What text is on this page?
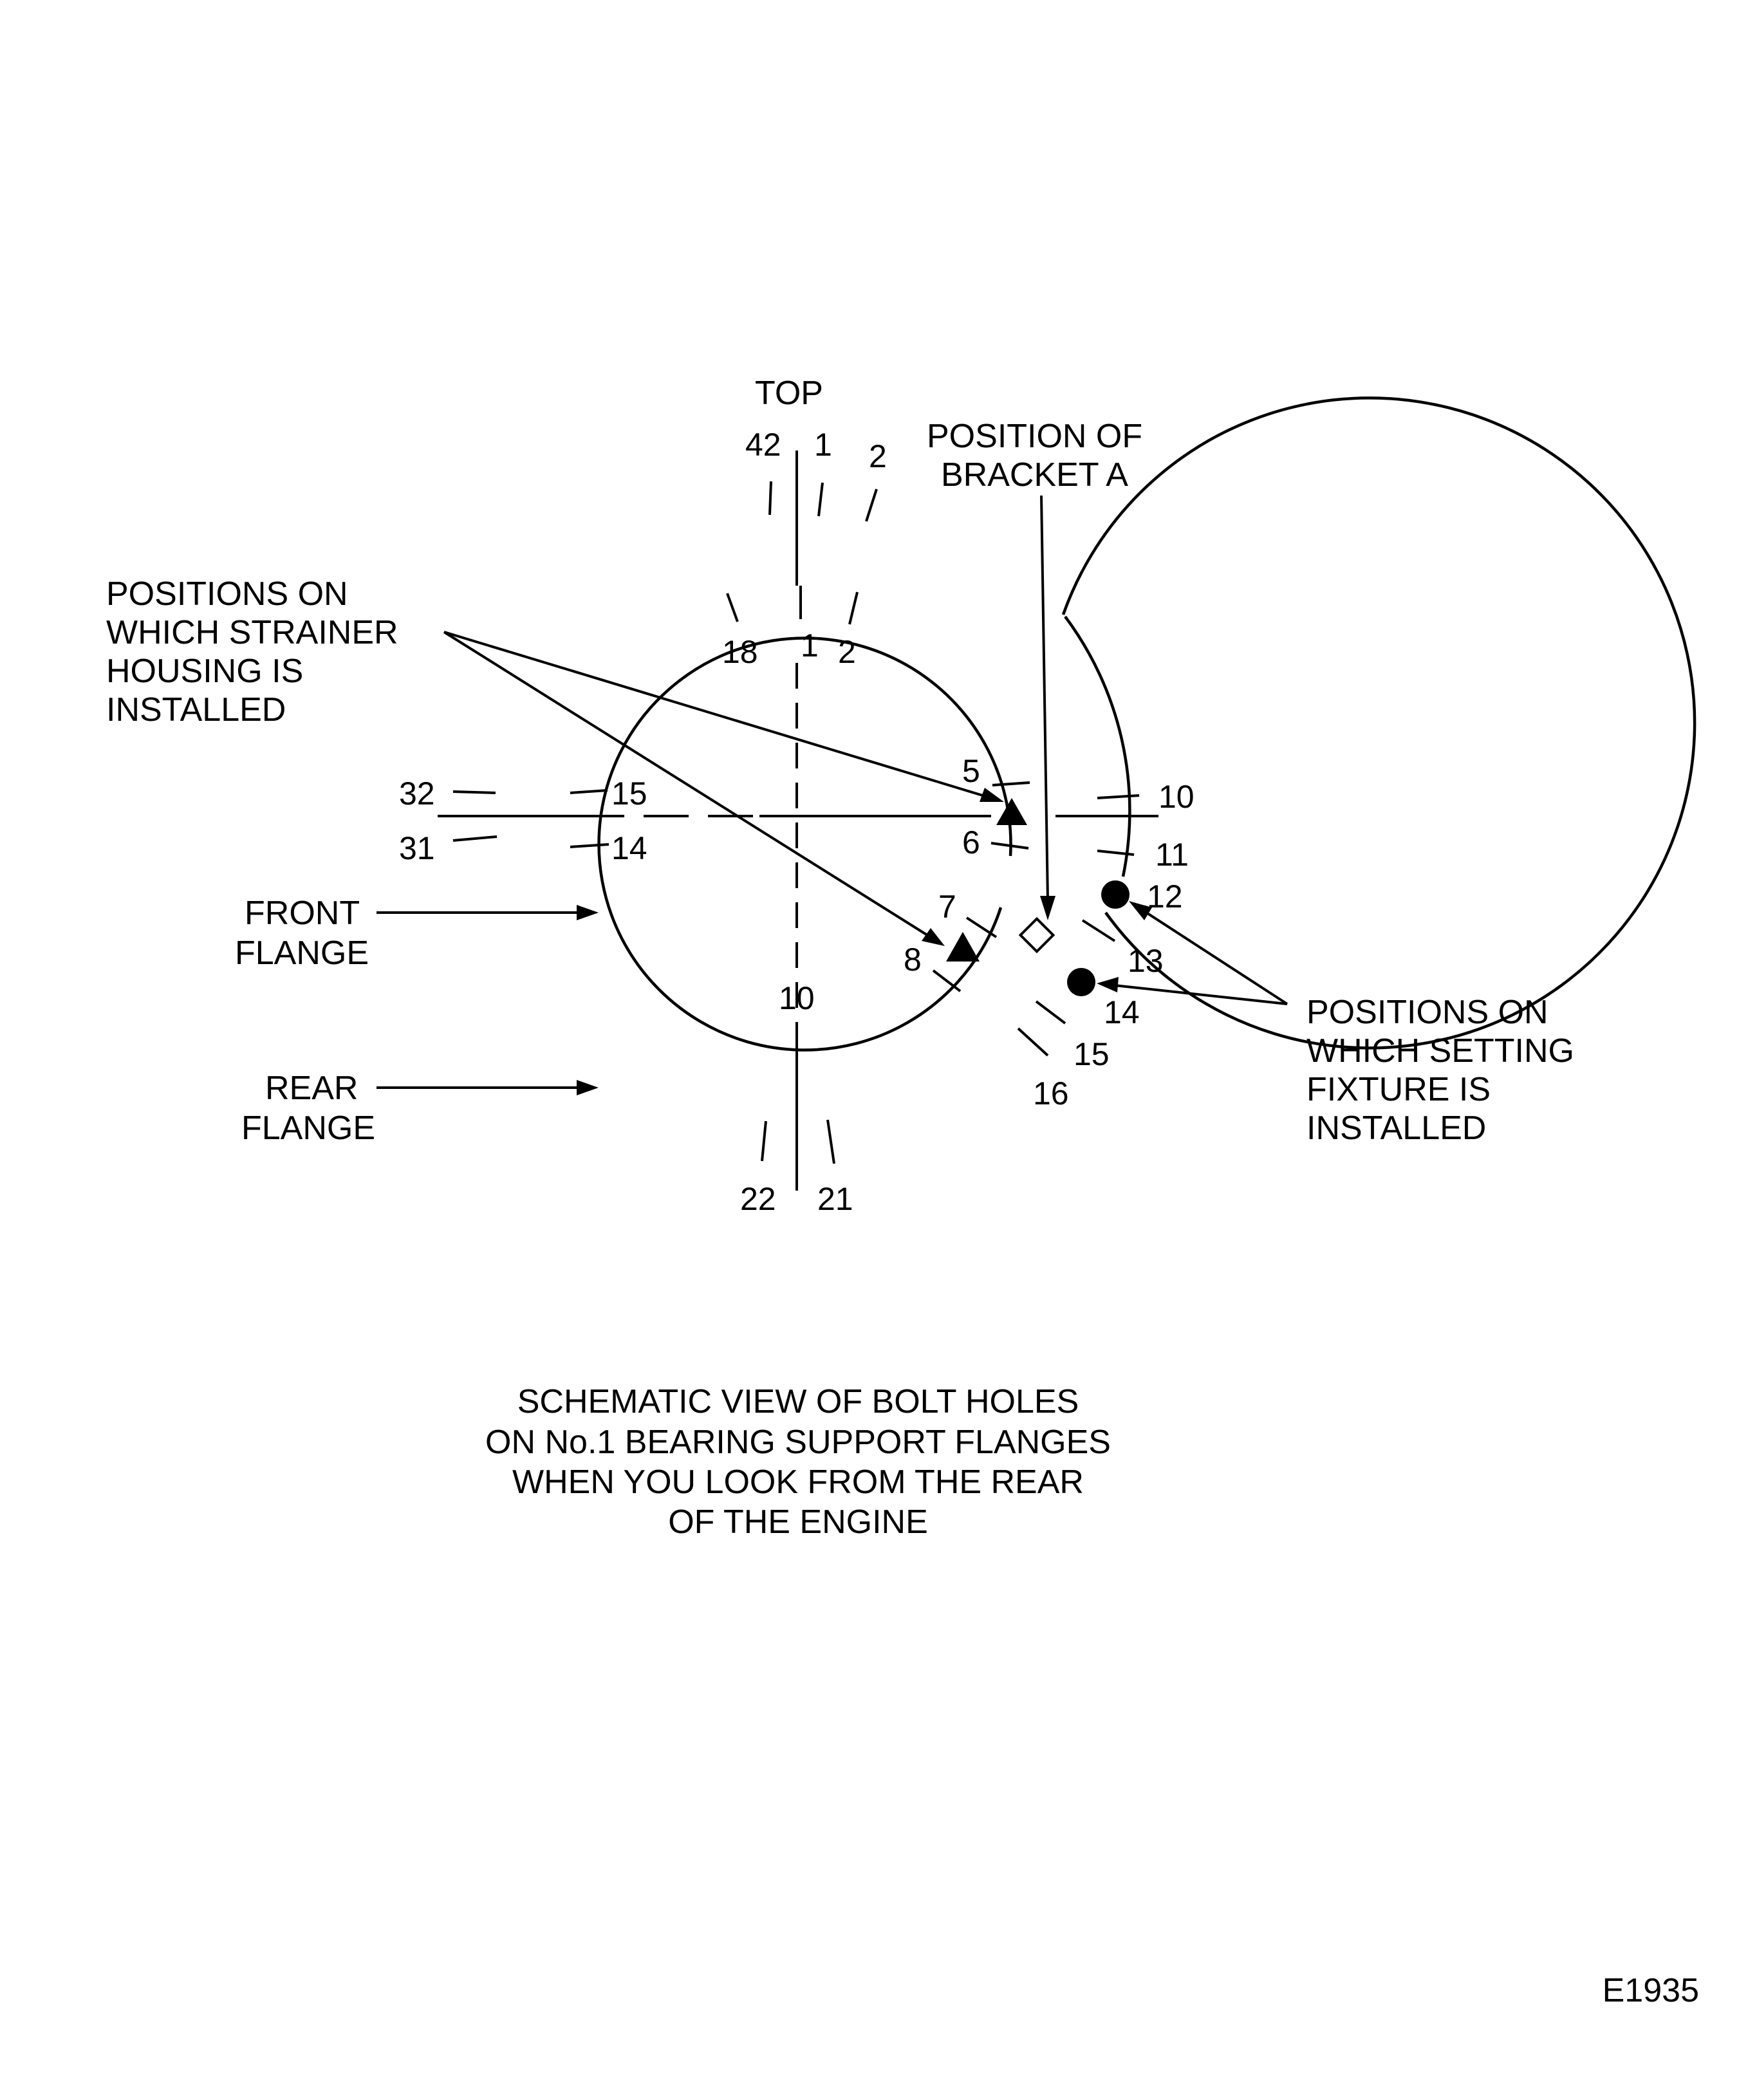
TOP
POSITION OF
BRACKET A
POSITIONS ON
WHICH STRAINER
HOUSING IS
INSTALLED
FRONT
FLANGE
REAR
FLANGE
POSITIONS ON
WHICH SETTING
FIXTURE IS
INSTALLED
42 1 2
32
31
10
11
12
13
14
15
16
22 21
18 1 2
15
14
5
6
7
8
10
SCHEMATIC VIEW OF BOLT HOLES
ON No.1 BEARING SUPPORT FLANGES
WHEN YOU LOOK FROM THE REAR
OF THE ENGINE
E1935
